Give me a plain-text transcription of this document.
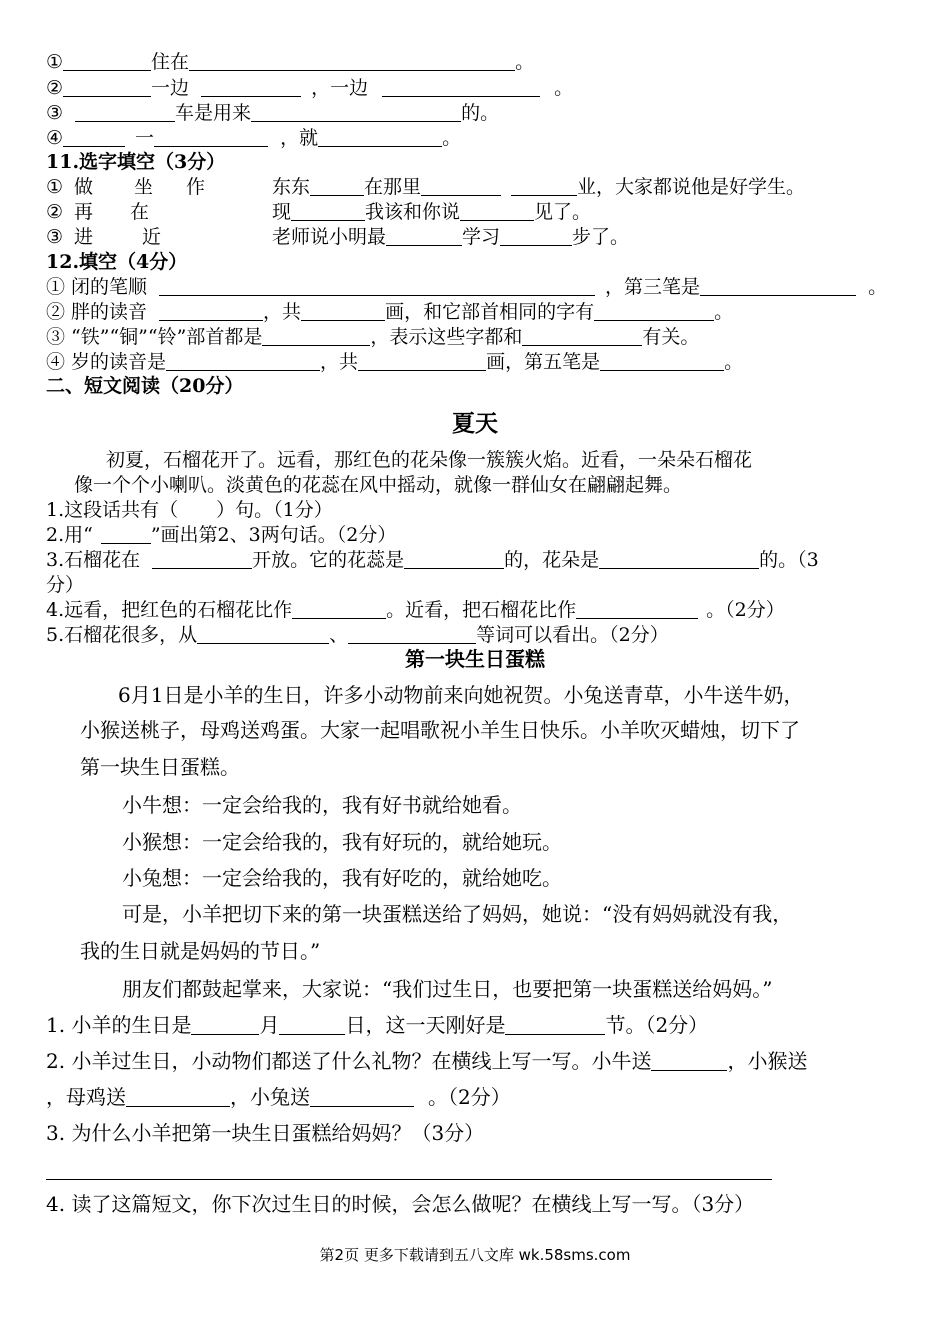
①	住在	。
②	一边	，一边	。
③	车是用来	的。
④	一	，就	。
11.选字填空（3分）
① 做 坐 作	东东	在那里	业，大家都说他是好学生。
② 再 在	现	我该和你说	见了。
③ 进	近	老师说小明最	学习	步了。
12.填空（4分）
① 闭的笔顺	，第三笔是	。
② 胖的读音	，共	画，和它部首相同的字有	。
③ “铁”“铜”“铃”部首都是	，表示这些字都和	有关。
④ 岁的读音是	，共	画，第五笔是	。
二、短文阅读（20分）
夏天
初夏，石榴花开了。远看，那红色的花朵像一簇簇火焰。近看，一朵朵石榴花
像一个个小喇叭。淡黄色的花蕊在风中摇动，就像一群仙女在翩翩起舞。
1.这段话共有（ ）句。（1分）
2.用“	”画出第2、3两句话。（2分）
3.石榴花在	开放。它的花蕊是	的，花朵是	的。（3
分）
4.远看，把红色的石榴花比作	。近看，把石榴花比作	。（2分）
5.石榴花很多，从	、	等词可以看出。（2分）
第一块生日蛋糕
6月1日是小羊的生日，许多小动物前来向她祝贺。小兔送青草，小牛送牛奶，
小猴送桃子，母鸡送鸡蛋。大家一起唱歌祝小羊生日快乐。小羊吹灭蜡烛，切下了
第一块生日蛋糕。
小牛想：一定会给我的，我有好书就给她看。
小猴想：一定会给我的，我有好玩的，就给她玩。
小兔想：一定会给我的，我有好吃的，就给她吃。
可是，小羊把切下来的第一块蛋糕送给了妈妈，她说：“没有妈妈就没有我，
我的生日就是妈妈的节日。”
朋友们都鼓起掌来，大家说：“我们过生日，也要把第一块蛋糕送给妈妈。”
1. 小羊的生日是	月	日，这一天刚好是	节。（2分）
2. 小羊过生日，小动物们都送了什么礼物？在横线上写一写。小牛送	，小猴送
，母鸡送	，小兔送	。（2分）
3. 为什么小羊把第一块生日蛋糕给妈妈？（3分）
4. 读了这篇短文，你下次过生日的时候，会怎么做呢？在横线上写一写。（3分）
第2页 更多下载请到五八文库 wk.58sms.com
